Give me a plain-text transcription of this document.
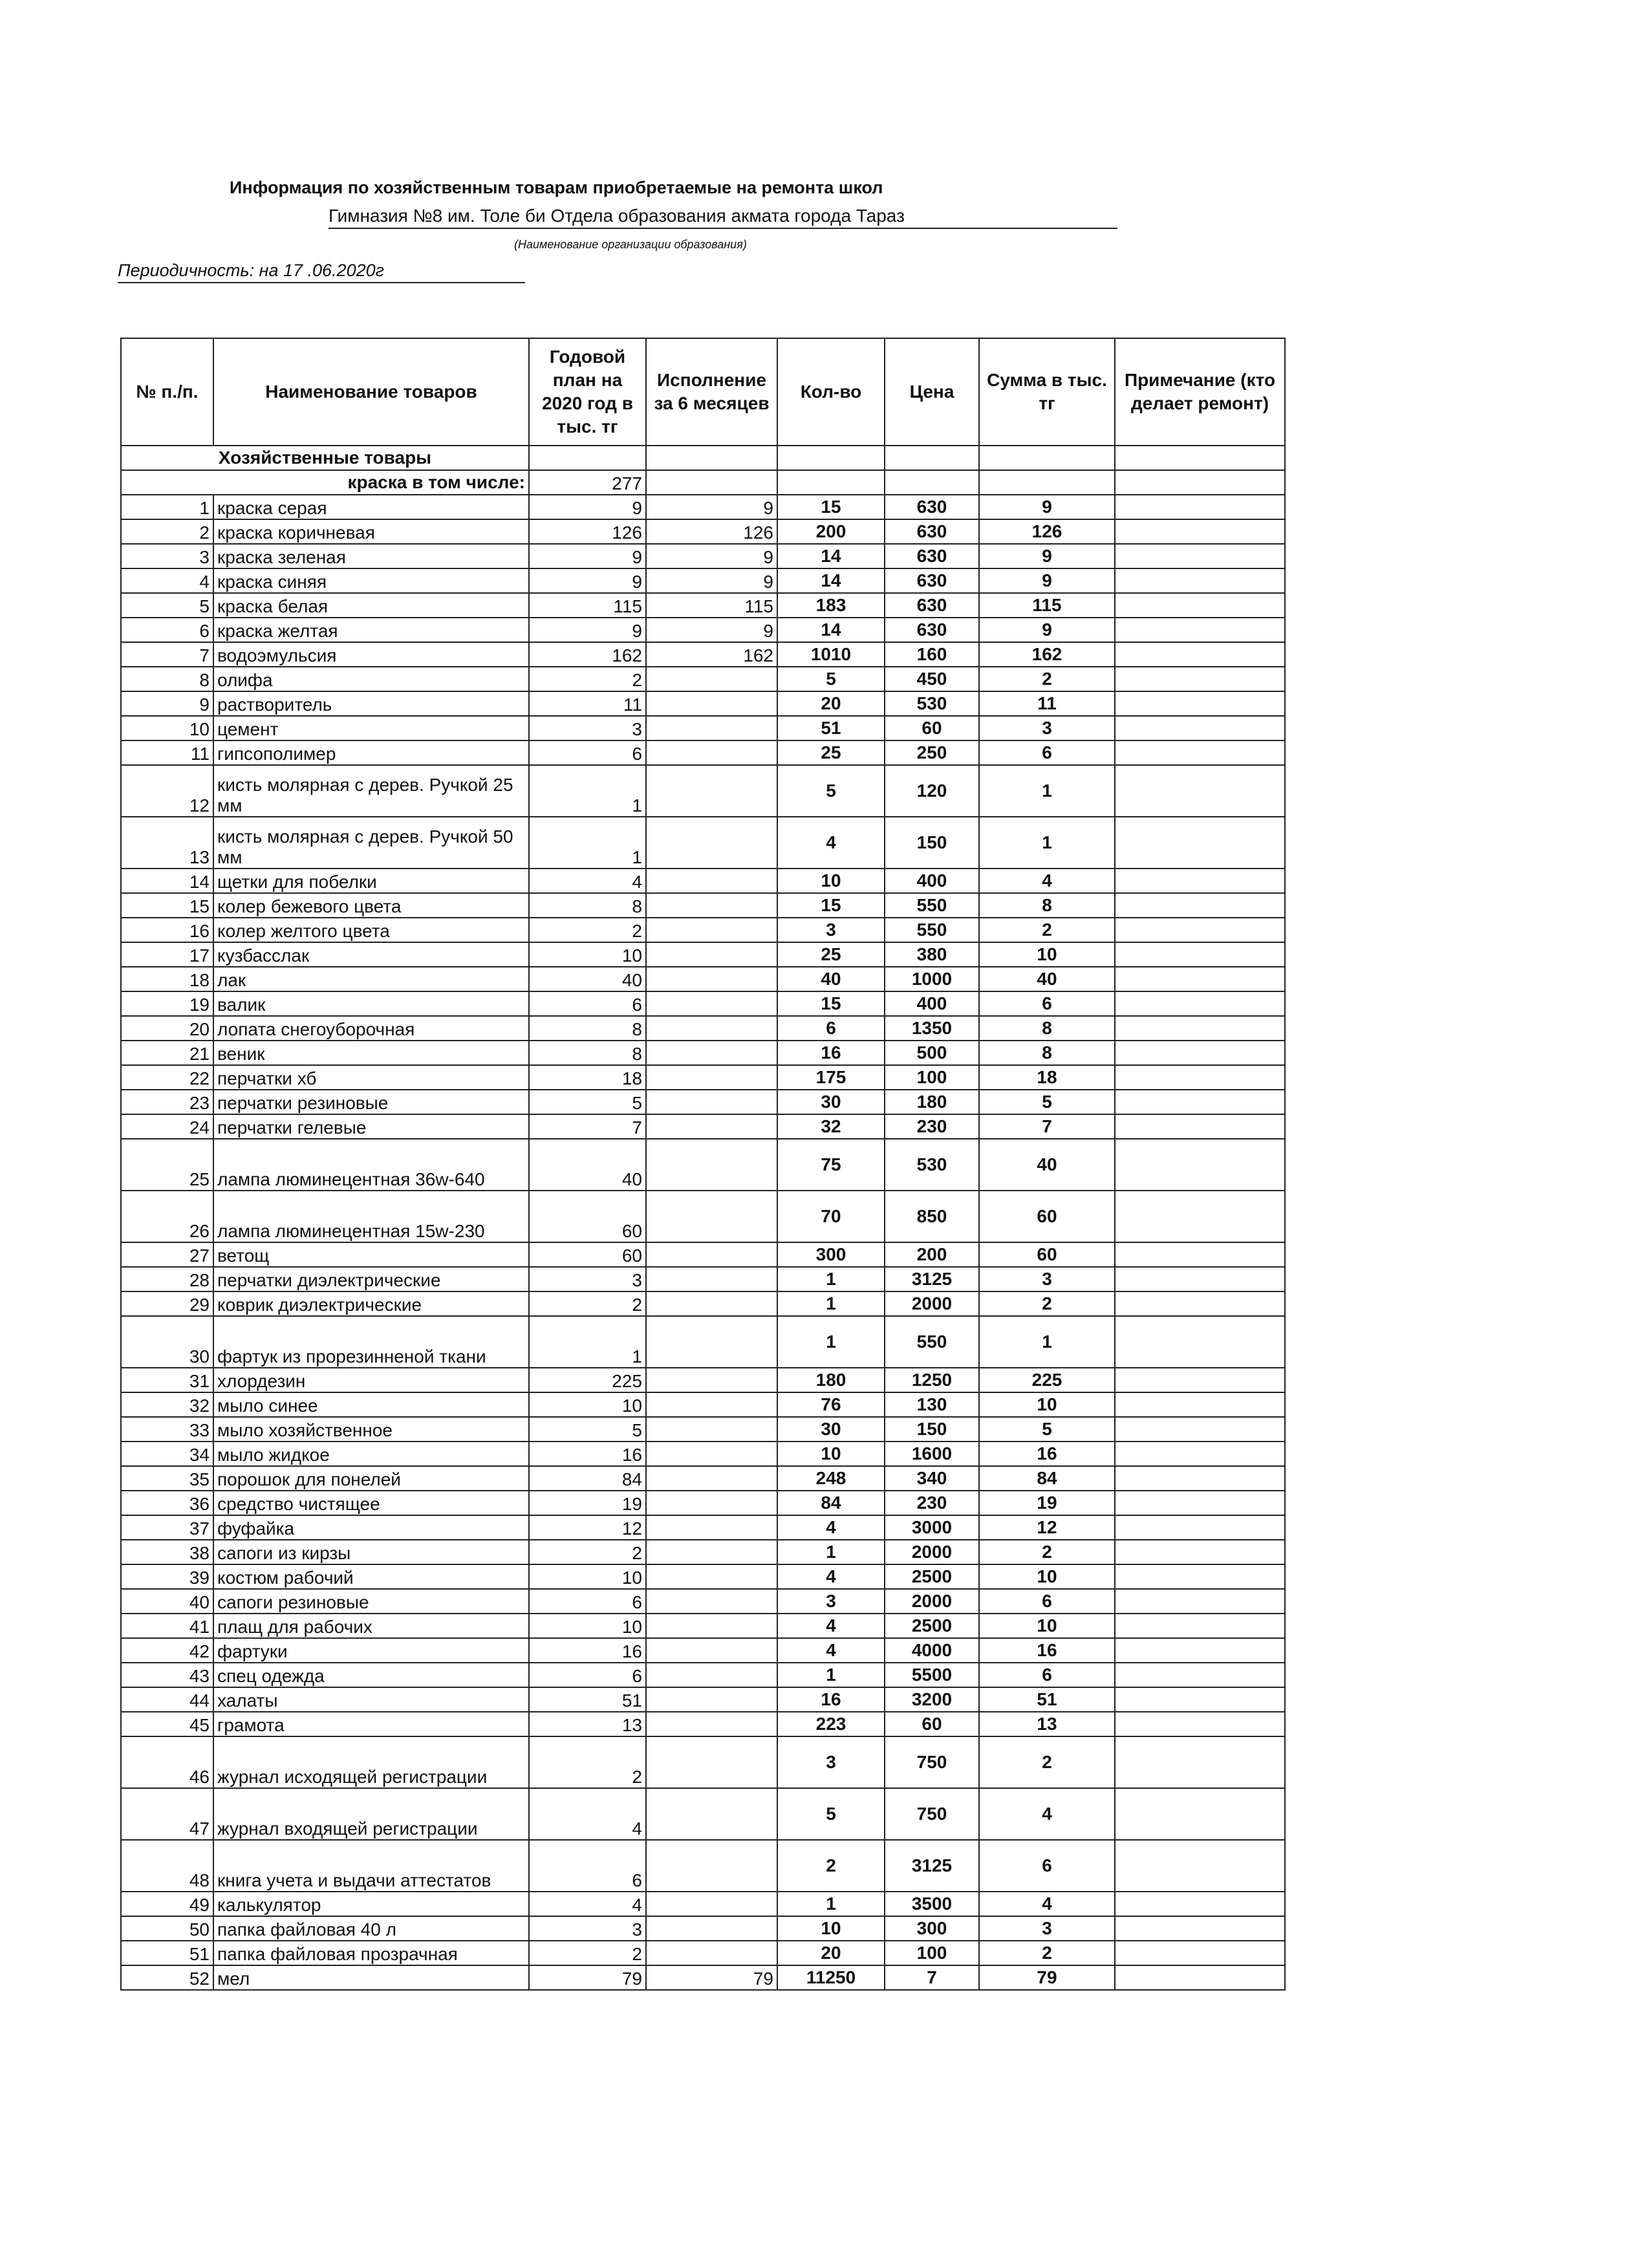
Информация по хозяйственным товарам приобретаемые на ремонта школ
Гимназия №8 им. Толе би Отдела образования акмата города Тараз
(Наименование организации образования)
Периодичность: на 17 .06.2020г
№ п./п.	Наименование товаров	Годовой план на 2020 год в тыс. тг	Исполнение за 6 месяцев	Кол-во	Цена	Сумма в тыс. тг	Примечание (кто делает ремонт)
Хозяйственные товары							
краска в том числе:		277					
1	краска серая	9	9	15	630	9	
2	краска коричневая	126	126	200	630	126	
3	краска зеленая	9	9	14	630	9	
4	краска синяя	9	9	14	630	9	
5	краска белая	115	115	183	630	115	
6	краска желтая	9	9	14	630	9	
7	водоэмульсия	162	162	1010	160	162	
8	олифа	2		5	450	2	
9	растворитель	11		20	530	11	
10	цемент	3		51	60	3	
11	гипсополимер	6		25	250	6	
12	кисть молярная с дерев. Ручкой 25 мм	1		5	120	1	
13	кисть молярная с дерев. Ручкой 50 мм	1		4	150	1	
14	щетки для побелки	4		10	400	4	
15	колер бежевого цвета	8		15	550	8	
16	колер желтого цвета	2		3	550	2	
17	кузбасслак	10		25	380	10	
18	лак	40		40	1000	40	
19	валик	6		15	400	6	
20	лопата снегоуборочная	8		6	1350	8	
21	веник	8		16	500	8	
22	перчатки хб	18		175	100	18	
23	перчатки резиновые	5		30	180	5	
24	перчатки гелевые	7		32	230	7	
25	лампа люминецентная 36w-640	40		75	530	40	
26	лампа люминецентная 15w-230	60		70	850	60	
27	ветощ	60		300	200	60	
28	перчатки диэлектрические	3		1	3125	3	
29	коврик диэлектрические	2		1	2000	2	
30	фартук из прорезинненой ткани	1		1	550	1	
31	хлордезин	225		180	1250	225	
32	мыло синее	10		76	130	10	
33	мыло хозяйственное	5		30	150	5	
34	мыло жидкое	16		10	1600	16	
35	порошок для понелей	84		248	340	84	
36	средство чистящее	19		84	230	19	
37	фуфайка	12		4	3000	12	
38	сапоги из кирзы	2		1	2000	2	
39	костюм рабочий	10		4	2500	10	
40	сапоги резиновые	6		3	2000	6	
41	плащ для рабочих	10		4	2500	10	
42	фартуки	16		4	4000	16	
43	спец одежда	6		1	5500	6	
44	халаты	51		16	3200	51	
45	грамота	13		223	60	13	
46	журнал исходящей регистрации	2		3	750	2	
47	журнал входящей регистрации	4		5	750	4	
48	книга учета и выдачи аттестатов	6		2	3125	6	
49	калькулятор	4		1	3500	4	
50	папка файловая 40 л	3		10	300	3	
51	папка файловая прозрачная	2		20	100	2	
52	мел	79	79	11250	7	79	
